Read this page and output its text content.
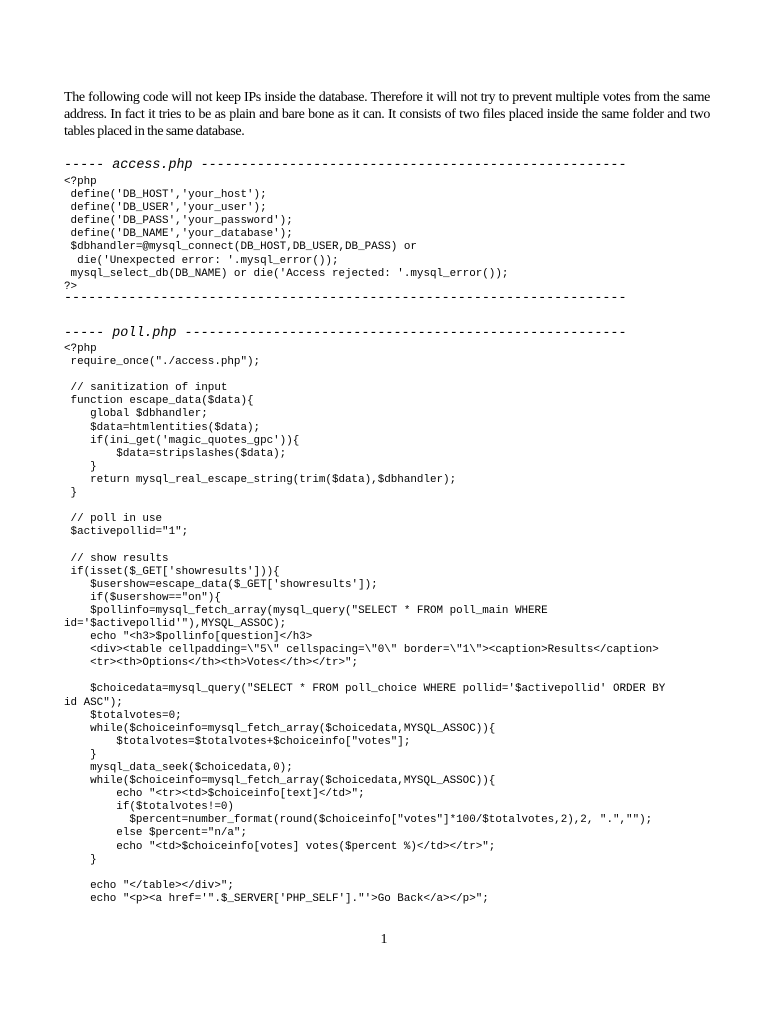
The following code will not keep IPs inside the database. Therefore it will not try to prevent multiple votes from the same address. In fact it tries to be as plain and bare bone as it can. It consists of two files placed inside the same folder and two tables placed in the same database.

----- access.php -----------------------------------------------------
<?php
define('DB_HOST','your_host');
define('DB_USER','your_user');
define('DB_PASS','your_password');
define('DB_NAME','your_database');
$dbhandler=@mysql_connect(DB_HOST,DB_USER,DB_PASS) or
die('Unexpected error: '.mysql_error());
mysql_select_db(DB_NAME) or die('Access rejected: '.mysql_error());
?>
----------------------------------------------------------------------
----- poll.php -------------------------------------------------------
<?php
require_once("./access.php");
// sanitization of input
function escape_data($data){
global $dbhandler;
$data=htmlentities($data);
if(ini_get('magic_quotes_gpc')){
$data=stripslashes($data);
}
return mysql_real_escape_string(trim($data),$dbhandler);
}
// poll in use
$activepollid="1";
// show results
if(isset($_GET['showresults'])){
$usershow=escape_data($_GET['showresults']);
if($usershow=="on"){
$pollinfo=mysql_fetch_array(mysql_query("SELECT * FROM poll_main WHERE
id='$activepollid'"),MYSQL_ASSOC);
echo "<h3>$pollinfo[question]</h3>
<div><table cellpadding=\"5\" cellspacing=\"0\" border=\"1\"><caption>Results</caption>
<tr><th>Options</th><th>Votes</th></tr>";
$choicedata=mysql_query("SELECT * FROM poll_choice WHERE pollid='$activepollid' ORDER BY
id ASC");
$totalvotes=0;
while($choiceinfo=mysql_fetch_array($choicedata,MYSQL_ASSOC)){
$totalvotes=$totalvotes+$choiceinfo["votes"];
}
mysql_data_seek($choicedata,0);
while($choiceinfo=mysql_fetch_array($choicedata,MYSQL_ASSOC)){
echo "<tr><td>$choiceinfo[text]</td>";
if($totalvotes!=0)
$percent=number_format(round($choiceinfo["votes"]*100/$totalvotes,2),2, ".","");
else $percent="n/a";
echo "<td>$choiceinfo[votes] votes($percent %)</td></tr>";
}
echo "</table></div>";
echo "<p><a href='".$_SERVER['PHP_SELF']."'>Go Back</a></p>";
1
